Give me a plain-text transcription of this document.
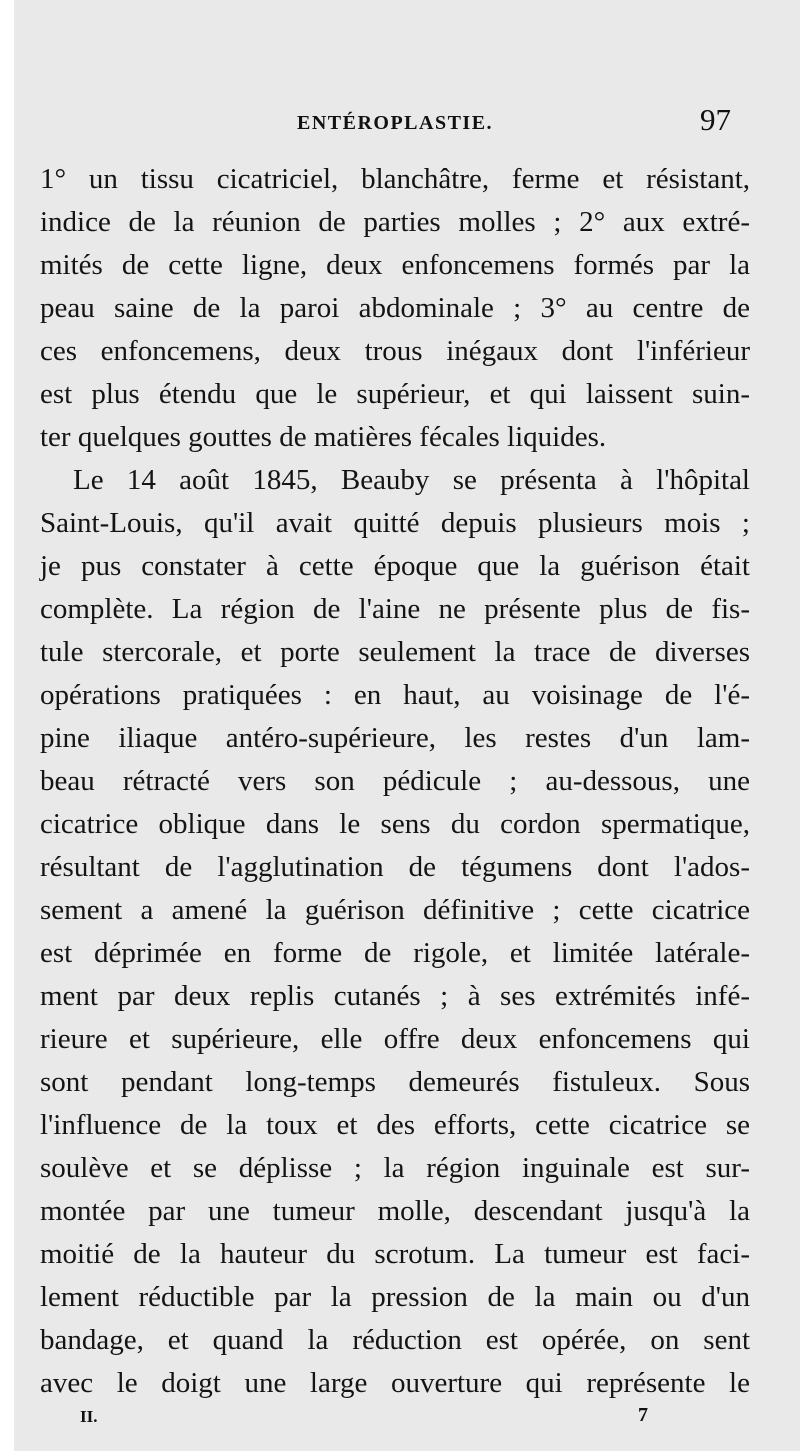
ENTÉROPLASTIE.	97
1° un tissu cicatriciel, blanchâtre, ferme et résistant,
indice de la réunion de parties molles ; 2° aux extré-
mités de cette ligne, deux enfoncemens formés par la
peau saine de la paroi abdominale ; 3° au centre de
ces enfoncemens, deux trous inégaux dont l'inférieur
est plus étendu que le supérieur, et qui laissent suin-
ter quelques gouttes de matières fécales liquides.
Le 14 août 1845, Beauby se présenta à l'hôpital
Saint-Louis, qu'il avait quitté depuis plusieurs mois ;
je pus constater à cette époque que la guérison était
complète. La région de l'aine ne présente plus de fis-
tule stercorale, et porte seulement la trace de diverses
opérations pratiquées : en haut, au voisinage de l'é-
pine iliaque antéro-supérieure, les restes d'un lam-
beau rétracté vers son pédicule ; au-dessous, une
cicatrice oblique dans le sens du cordon spermatique,
résultant de l'agglutination de tégumens dont l'ados-
sement a amené la guérison définitive ; cette cicatrice
est déprimée en forme de rigole, et limitée latérale-
ment par deux replis cutanés ; à ses extrémités infé-
rieure et supérieure, elle offre deux enfoncemens qui
sont pendant long-temps demeurés fistuleux. Sous
l'influence de la toux et des efforts, cette cicatrice se
soulève et se déplisse ; la région inguinale est sur-
montée par une tumeur molle, descendant jusqu'à la
moitié de la hauteur du scrotum. La tumeur est faci-
lement réductible par la pression de la main ou d'un
bandage, et quand la réduction est opérée, on sent
avec le doigt une large ouverture qui représente le
II.	7
